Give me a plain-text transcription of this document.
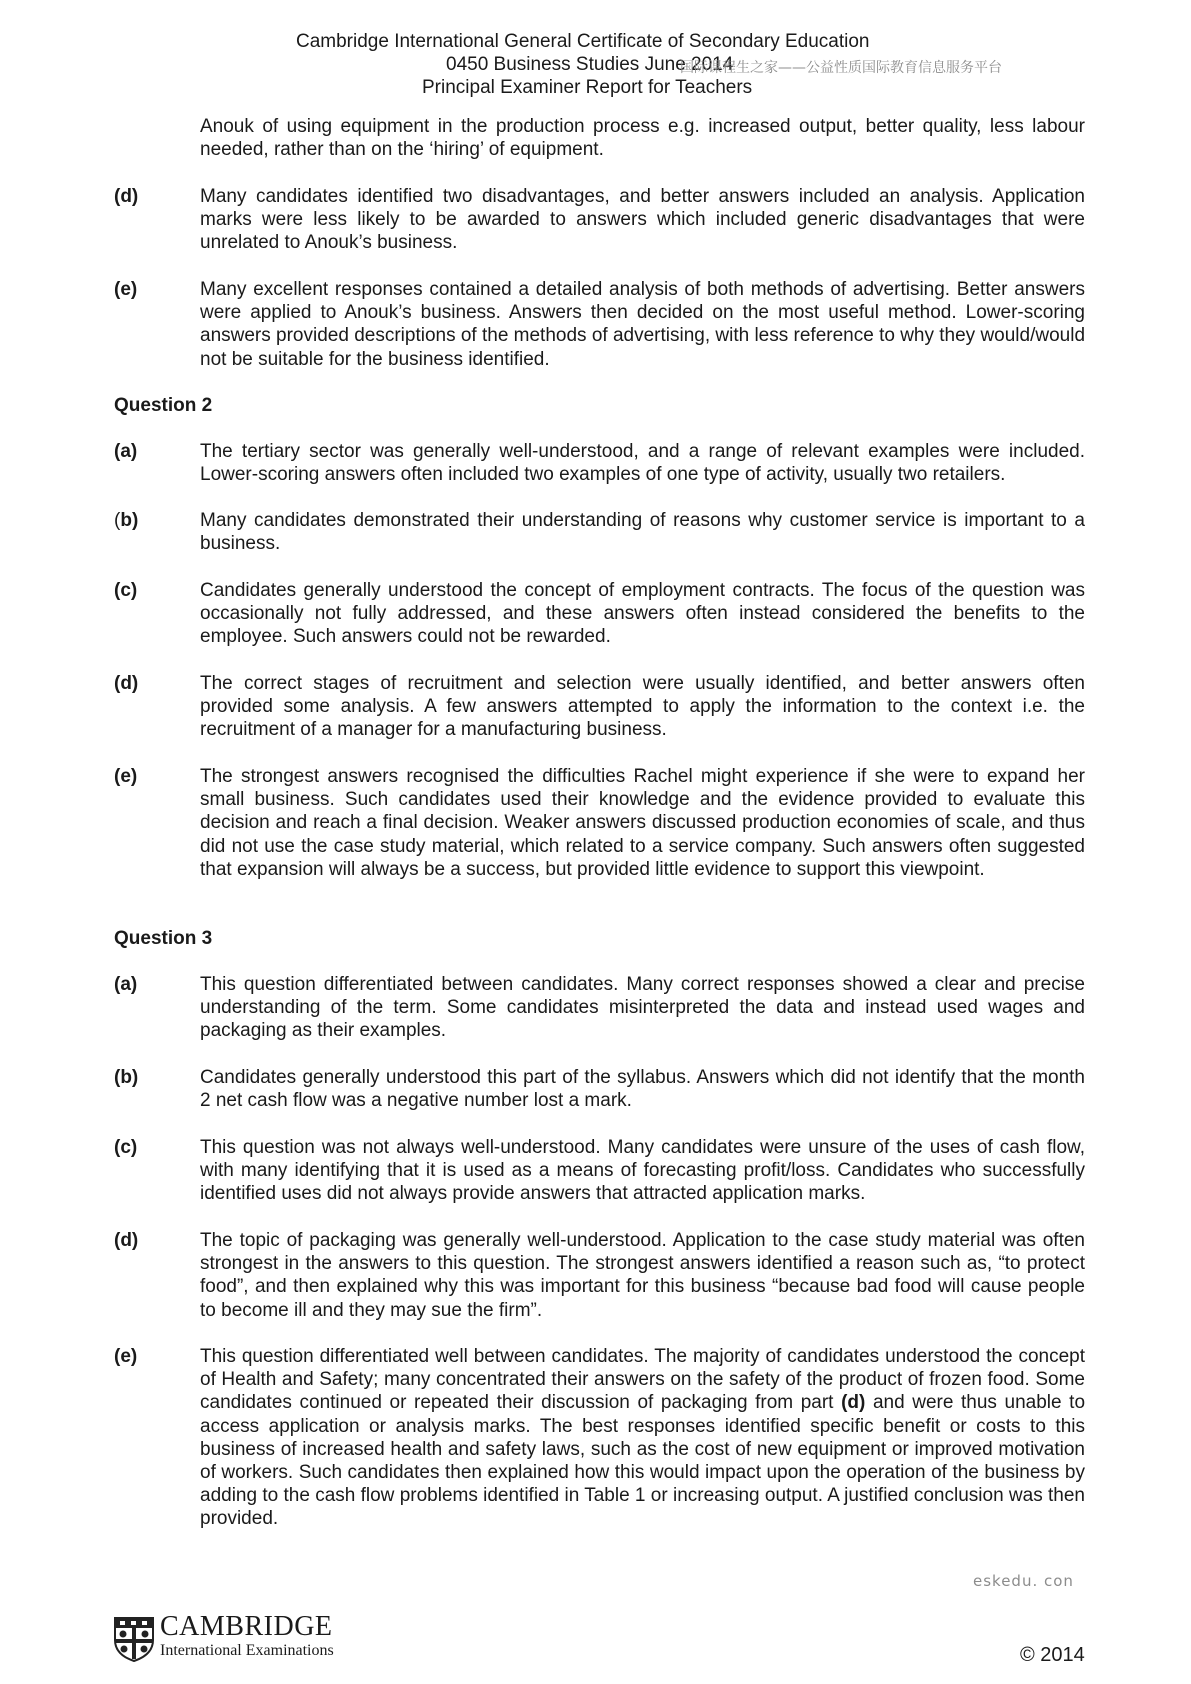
Cambridge International General Certificate of Secondary Education
0450 Business Studies June 2014
Principal Examiner Report for Teachers
国际课程生之家——公益性质国际教育信息服务平台
Anouk of using equipment in the production process e.g. increased output, better quality, less labour needed, rather than on the ‘hiring’ of equipment.
(d)	Many candidates identified two disadvantages, and better answers included an analysis. Application marks were less likely to be awarded to answers which included generic disadvantages that were unrelated to Anouk’s business.
(e)	Many excellent responses contained a detailed analysis of both methods of advertising. Better answers were applied to Anouk’s business. Answers then decided on the most useful method. Lower-scoring answers provided descriptions of the methods of advertising, with less reference to why they would/would not be suitable for the business identified.
Question 2
(a)	The tertiary sector was generally well-understood, and a range of relevant examples were included. Lower-scoring answers often included two examples of one type of activity, usually two retailers.
(b)	Many candidates demonstrated their understanding of reasons why customer service is important to a business.
(c)	Candidates generally understood the concept of employment contracts. The focus of the question was occasionally not fully addressed, and these answers often instead considered the benefits to the employee. Such answers could not be rewarded.
(d)	The correct stages of recruitment and selection were usually identified, and better answers often provided some analysis. A few answers attempted to apply the information to the context i.e. the recruitment of a manager for a manufacturing business.
(e)	The strongest answers recognised the difficulties Rachel might experience if she were to expand her small business. Such candidates used their knowledge and the evidence provided to evaluate this decision and reach a final decision. Weaker answers discussed production economies of scale, and thus did not use the case study material, which related to a service company. Such answers often suggested that expansion will always be a success, but provided little evidence to support this viewpoint.
Question 3
(a)	This question differentiated between candidates. Many correct responses showed a clear and precise understanding of the term. Some candidates misinterpreted the data and instead used wages and packaging as their examples.
(b)	Candidates generally understood this part of the syllabus. Answers which did not identify that the month 2 net cash flow was a negative number lost a mark.
(c)	This question was not always well-understood. Many candidates were unsure of the uses of cash flow, with many identifying that it is used as a means of forecasting profit/loss. Candidates who successfully identified uses did not always provide answers that attracted application marks.
(d)	The topic of packaging was generally well-understood. Application to the case study material was often strongest in the answers to this question. The strongest answers identified a reason such as, “to protect food”, and then explained why this was important for this business “because bad food will cause people to become ill and they may sue the firm”.
(e)	This question differentiated well between candidates. The majority of candidates understood the concept of Health and Safety; many concentrated their answers on the safety of the product of frozen food. Some candidates continued or repeated their discussion of packaging from part (d) and were thus unable to access application or analysis marks. The best responses identified specific benefit or costs to this business of increased health and safety laws, such as the cost of new equipment or improved motivation of workers. Such candidates then explained how this would impact upon the operation of the business by adding to the cash flow problems identified in Table 1 or increasing output. A justified conclusion was then provided.
eskedu. con
CAMBRIDGE
International Examinations	© 2014
